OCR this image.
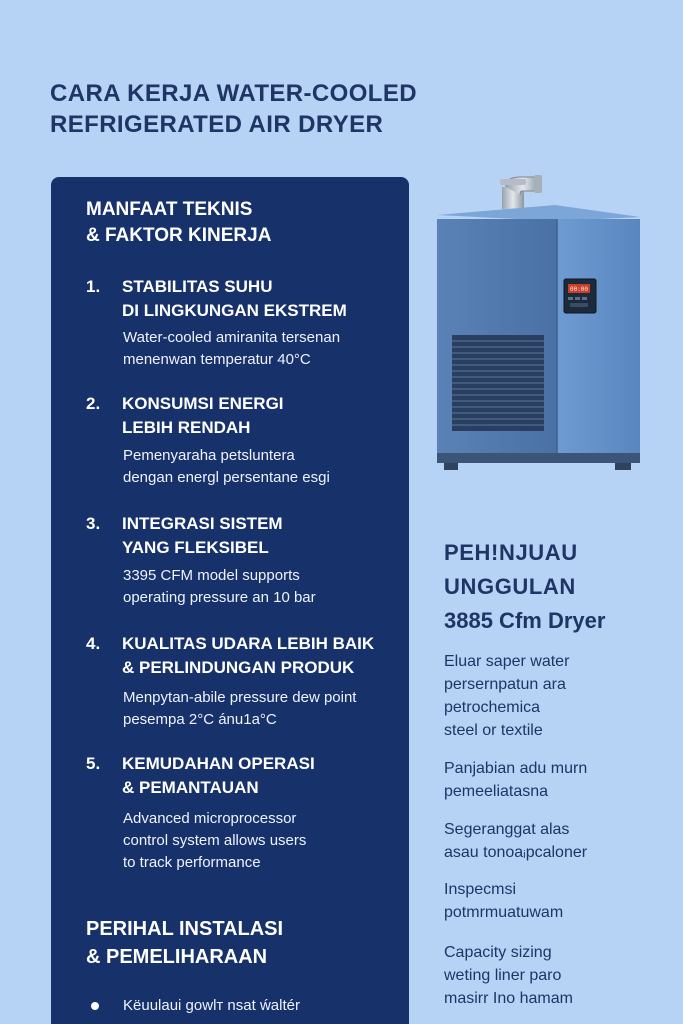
CARA KERJA WATER-COOLED
REFRIGERATED AIR DRYER
MANFAAT TEKNIS
& FAKTOR KINERJA
1. STABILITAS SUHU
DI LINGKUNGAN EKSTREM
Water-cooled amiranita tersenan
menenwan temperatur 40°C
2. KONSUMSI ENERGI
LEBIH RENDAH
Pemenyaraha petsluntera
dengan energl persentane esgi
3. INTEGRASI SISTEM
YANG FLEKSIBEL
3395 CFM model supports
operating pressure an 10 bar
4. KUALITAS UDARA LEBIH BAIK
& PERLINDUNGAN PRODUK
Menpytan-abile pressure dew point
pesempa 2°C ánu1a°C
5. KEMUDAHAN OPERASI
& PEMANTAUAN
Advanced microprocessor
control system allows users
to track performance
PERIHAL INSTALASI
& PEMELIHARAAN
Këuulaui gowlт nsat ẃaltér
00:00
PEH!NJUAU
UNGGULAN
3885 Cfm Dryer
Eluar saper water
persernpatun ara
petrochemica
steel or textile
Panjabian adu murn
pemeeliatasna
Segeranggat alas
asau tonoaᵢpcaloner
Inspecmsi
potmrmuatuwam
Capacity sizing
weting liner paro
masirr Ino hamam
